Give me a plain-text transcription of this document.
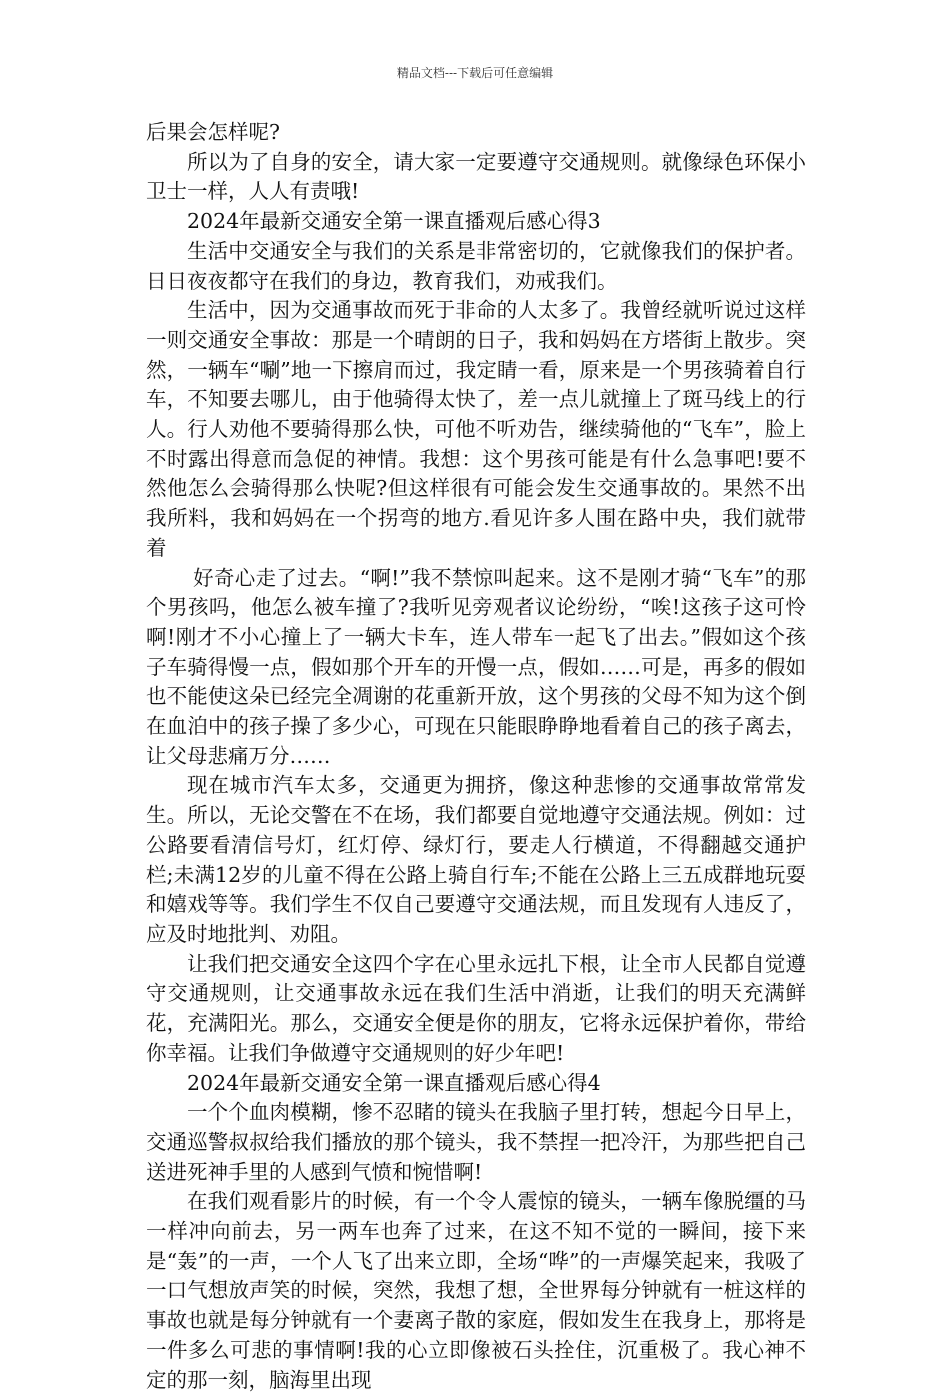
精品文档---下载后可任意编辑

后果会怎样呢?

所以为了自身的安全，请大家一定要遵守交通规则。就像绿色环保小卫士一样，人人有责哦!

2024年最新交通安全第一课直播观后感心得3

生活中交通安全与我们的关系是非常密切的，它就像我们的保护者。日日夜夜都守在我们的身边，教育我们，劝戒我们。

生活中，因为交通事故而死于非命的人太多了。我曾经就听说过这样一则交通安全事故：那是一个晴朗的日子，我和妈妈在方塔街上散步。突然，一辆车“唰”地一下擦肩而过，我定睛一看，原来是一个男孩骑着自行车，不知要去哪儿，由于他骑得太快了，差一点儿就撞上了斑马线上的行人。行人劝他不要骑得那么快，可他不听劝告，继续骑他的“飞车”，脸上不时露出得意而急促的神情。我想：这个男孩可能是有什么急事吧!要不然他怎么会骑得那么快呢?但这样很有可能会发生交通事故的。果然不出我所料，我和妈妈在一个拐弯的地方.看见许多人围在路中央，我们就带着

好奇心走了过去。“啊!”我不禁惊叫起来。这不是刚才骑“飞车”的那个男孩吗，他怎么被车撞了?我听见旁观者议论纷纷，“唉!这孩子这可怜啊!刚才不小心撞上了一辆大卡车，连人带车一起飞了出去。”假如这个孩子车骑得慢一点，假如那个开车的开慢一点，假如……可是，再多的假如也不能使这朵已经完全凋谢的花重新开放，这个男孩的父母不知为这个倒在血泊中的孩子操了多少心，可现在只能眼睁睁地看着自己的孩子离去，让父母悲痛万分……

现在城市汽车太多，交通更为拥挤，像这种悲惨的交通事故常常发生。所以，无论交警在不在场，我们都要自觉地遵守交通法规。例如：过公路要看清信号灯，红灯停、绿灯行，要走人行横道，不得翻越交通护栏;未满12岁的儿童不得在公路上骑自行车;不能在公路上三五成群地玩耍和嬉戏等等。我们学生不仅自己要遵守交通法规，而且发现有人违反了，应及时地批判、劝阻。

让我们把交通安全这四个字在心里永远扎下根，让全市人民都自觉遵守交通规则，让交通事故永远在我们生活中消逝，让我们的明天充满鲜花，充满阳光。那么，交通安全便是你的朋友，它将永远保护着你，带给你幸福。让我们争做遵守交通规则的好少年吧!

2024年最新交通安全第一课直播观后感心得4

一个个血肉模糊，惨不忍睹的镜头在我脑子里打转，想起今日早上，交通巡警叔叔给我们播放的那个镜头，我不禁捏一把冷汗，为那些把自己送进死神手里的人感到气愤和惋惜啊!

在我们观看影片的时候，有一个令人震惊的镜头，一辆车像脱缰的马一样冲向前去，另一两车也奔了过来，在这不知不觉的一瞬间，接下来是“轰”的一声，一个人飞了出来立即，全场“哗”的一声爆笑起来，我吸了一口气想放声笑的时候，突然，我想了想，全世界每分钟就有一桩这样的事故也就是每分钟就有一个妻离子散的家庭，假如发生在我身上，那将是一件多么可悲的事情啊!我的心立即像被石头拴住，沉重极了。我心神不定的那一刻，脑海里出现
